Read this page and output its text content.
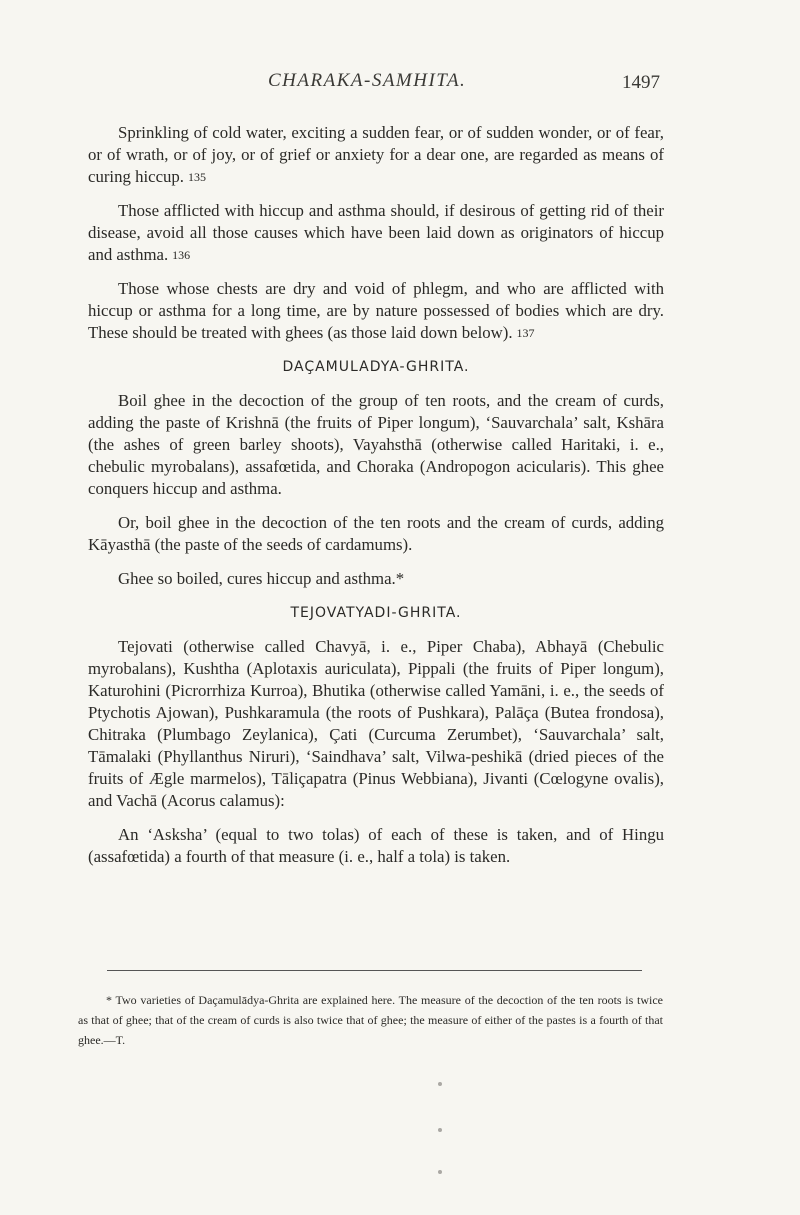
CHARAKA-SAMHITA.	1497

Sprinkling of cold water, exciting a sudden fear, or of sudden wonder, or of fear, or of wrath, or of joy, or of grief or anxiety for a dear one, are regarded as means of curing hiccup. 135

Those afflicted with hiccup and asthma should, if desirous of getting rid of their disease, avoid all those causes which have been laid down as originators of hiccup and asthma. 136

Those whose chests are dry and void of phlegm, and who are afflicted with hiccup or asthma for a long time, are by nature possessed of bodies which are dry. These should be treated with ghees (as those laid down below). 137

DAÇAMULADYA-GHRITA.

Boil ghee in the decoction of the group of ten roots, and the cream of curds, adding the paste of Krishnā (the fruits of Piper longum), ‘Sauvarchala’ salt, Kshāra (the ashes of green barley shoots), Vayahsthā (otherwise called Haritaki, i. e., chebulic myrobalans), assafœtida, and Choraka (Andropogon acicularis). This ghee conquers hiccup and asthma.

Or, boil ghee in the decoction of the ten roots and the cream of curds, adding Kāyasthā (the paste of the seeds of cardamums).

Ghee so boiled, cures hiccup and asthma.*

TEJOVATYADI-GHRITA.

Tejovati (otherwise called Chavyā, i. e., Piper Chaba), Abhayā (Chebulic myrobalans), Kushtha (Aplotaxis auriculata), Pippali (the fruits of Piper longum), Katurohini (Picrorrhiza Kurroa), Bhutika (otherwise called Yamāni, i. e., the seeds of Ptychotis Ajowan), Pushkaramula (the roots of Pushkara), Palāça (Butea frondosa), Chitraka (Plumbago Zeylanica), Çati (Curcuma Zerumbet), ‘Sauvarchala’ salt, Tāmalaki (Phyllanthus Niruri), ‘Saindhava’ salt, Vilwa-peshikā (dried pieces of the fruits of Ægle marmelos), Tāliçapatra (Pinus Webbiana), Jivanti (Cœlogyne ovalis), and Vachā (Acorus calamus):

An ‘Asksha’ (equal to two tolas) of each of these is taken, and of Hingu (assafœtida) a fourth of that measure (i. e., half a tola) is taken.

* Two varieties of Daçamulādya-Ghrita are explained here. The measure of the decoction of the ten roots is twice as that of ghee; that of the cream of curds is also twice that of ghee; the measure of either of the pastes is a fourth of that ghee.—T.
